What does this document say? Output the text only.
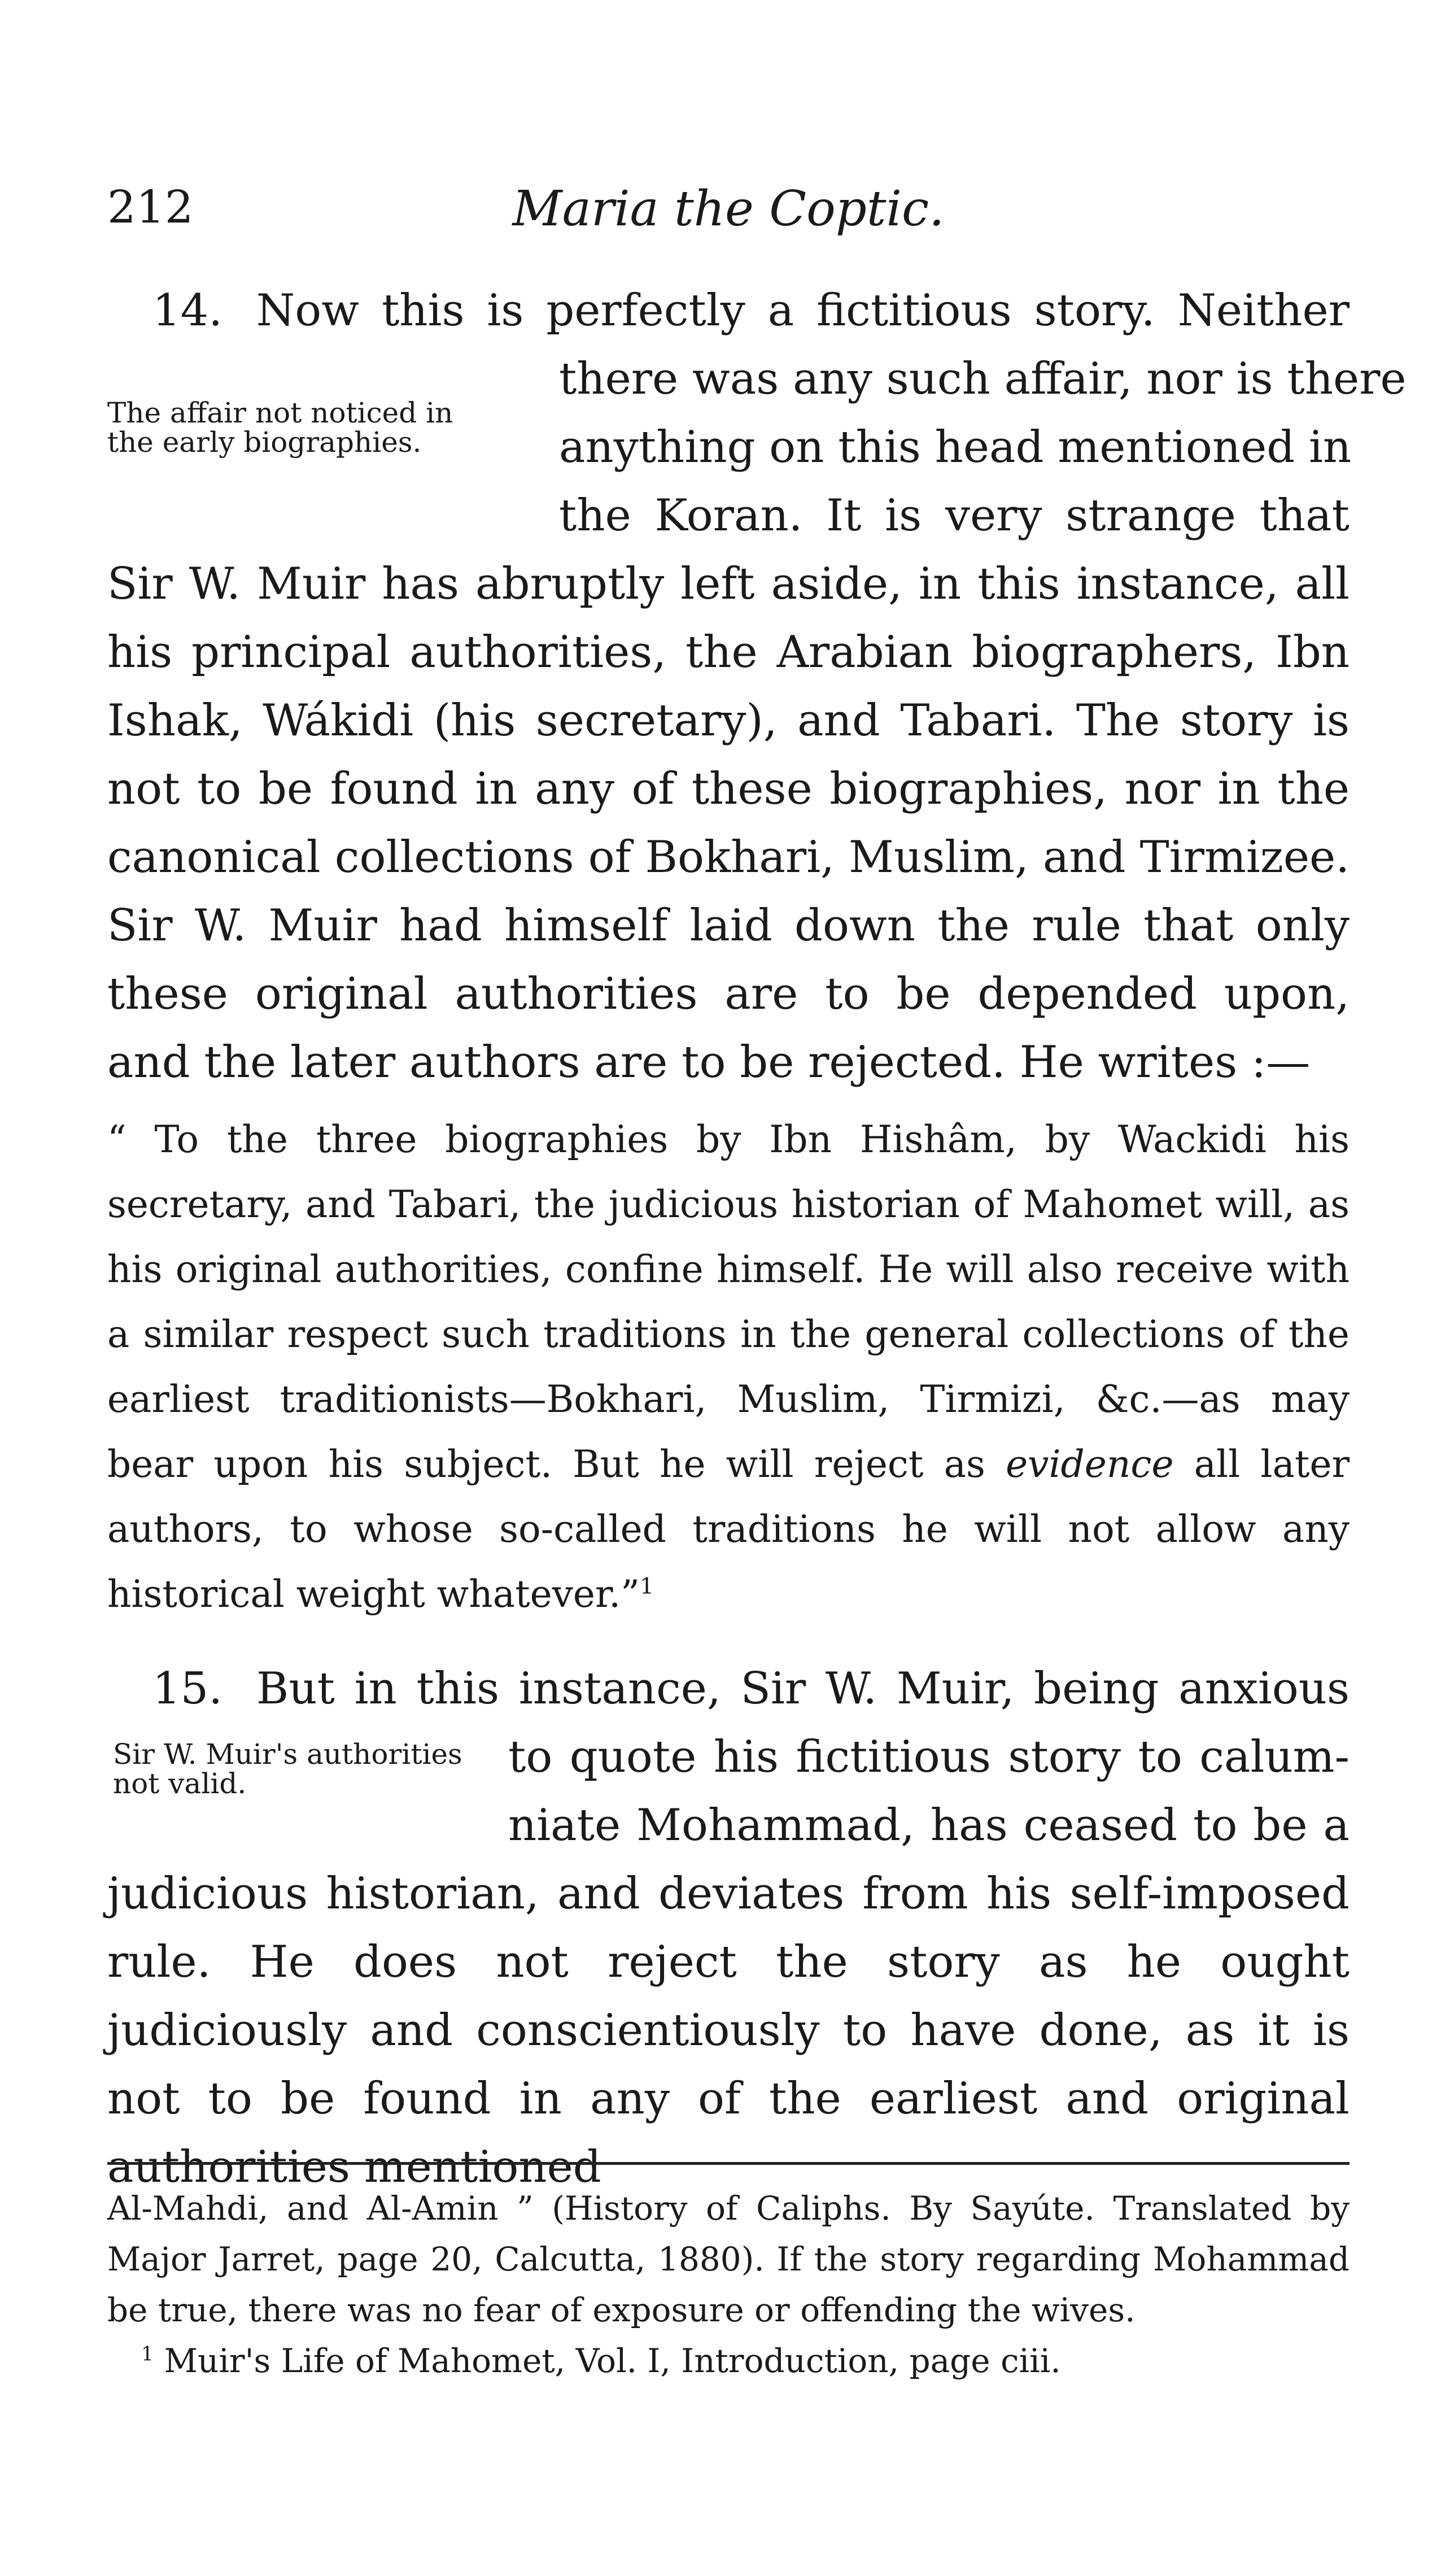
Maria the Coptic.
212
14. Now this is perfectly a fictitious story. Neither
The affair not noticed in the early biographies.
there was any such affair, nor is there
anything on this head mentioned in
the Koran. It is very strange that

Sir W. Muir has abruptly left aside, in this instance, all his principal authorities, the Arabian biographers, Ibn Ishak, Wákidi (his secretary), and Tabari. The story is not to be found in any of these biographies, nor in the canonical collections of Bokhari, Muslim, and Tirmizee. Sir W. Muir had himself laid down the rule that only these original authorities are to be depended upon, and the later authors are to be rejected. He writes :—

“ To the three biographies by Ibn Hishâm, by Wackidi his secretary, and Tabari, the judicious historian of Mahomet will, as his original authorities, confine himself. He will also receive with a similar respect such traditions in the general collections of the earliest traditionists—Bokhari, Muslim, Tirmizi, &c.—as may bear upon his subject. But he will reject as evidence all later authors, to whose so-called traditions he will not allow any historical weight whatever.”$^1$

15. But in this instance, Sir W. Muir, being anxious
Sir W. Muir's authorities not valid.
to quote his fictitious story to calum-
niate Mohammad, has ceased to be a

judicious historian, and deviates from his self-imposed rule. He does not reject the story as he ought judiciously and conscientiously to have done, as it is not to be found in any of the earliest and original authorities mentioned

Al-Mahdi, and Al-Amin ” (History of Caliphs. By Sayúte. Translated by Major Jarret, page 20, Calcutta, 1880). If the story regarding Mohammad be true, there was no fear of exposure or offending the wives.

$^1$ Muir's Life of Mahomet, Vol. I, Introduction, page ciii.
